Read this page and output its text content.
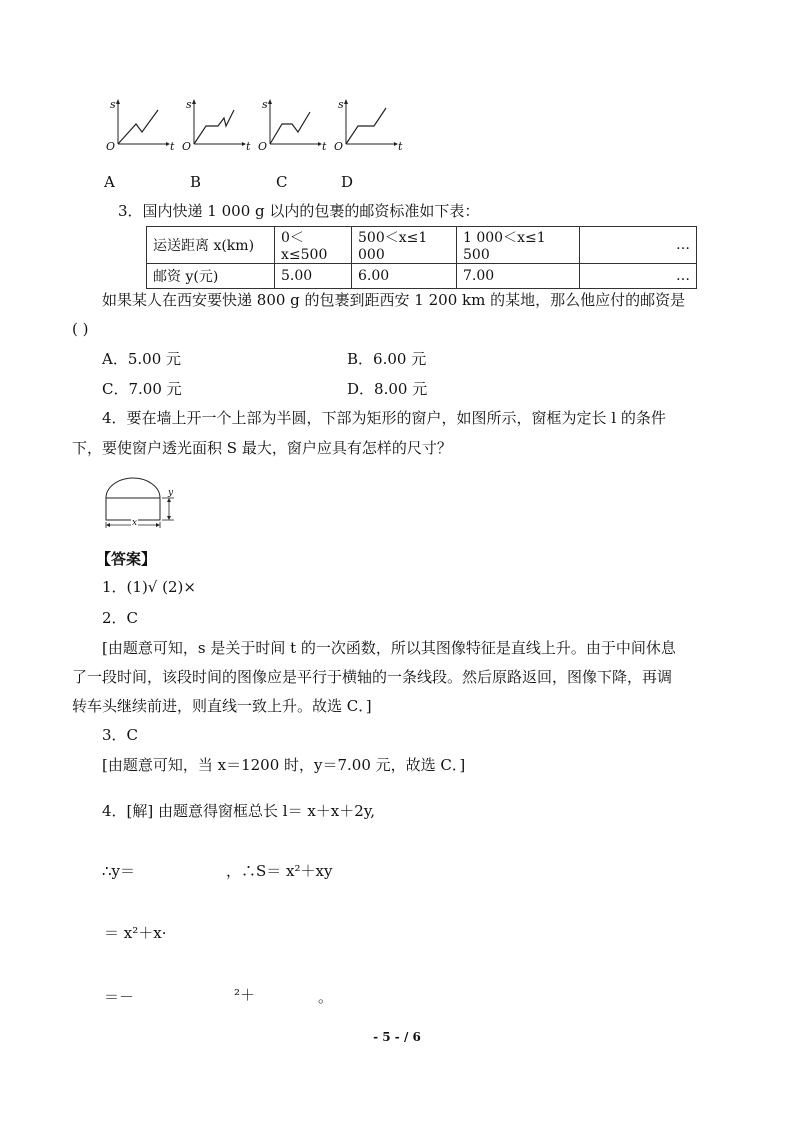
s
t
O
s
t
O
s
t
O
s
t
O
A	B	C	D
3．国内快递 1 000 g 以内的包裹的邮资标准如下表：
运送距离 x(km)	0＜x≤500	500＜x≤1 000	1 000＜x≤1 500	…
邮资 y(元)	5.00	6.00	7.00	…
如果某人在西安要快递 800 g 的包裹到距西安 1 200 km 的某地，那么他应付的邮资是
( )
A．5.00 元	B．6.00 元
C．7.00 元	D．8.00 元
4．要在墙上开一个上部为半圆，下部为矩形的窗户，如图所示，窗框为定长 l 的条件
下，要使窗户透光面积 S 最大，窗户应具有怎样的尺寸？
y
x
【答案】
1．(1)√ (2)×
2．C
[由题意可知，s 是关于时间 t 的一次函数，所以其图像特征是直线上升。由于中间休息
了一段时间，该段时间的图像应是平行于横轴的一条线段。然后原路返回，图像下降，再调
转车头继续前进，则直线一致上升。故选 C．]
3．C
[由题意可知，当 x＝1200 时，y＝7.00 元，故选 C．]
4．[解] 由题意得窗框总长 l＝ x＋x＋2y,
∴y＝	，∴S＝ x²＋xy
＝ x²＋x·
＝－	²＋	。
- 5 - / 6
